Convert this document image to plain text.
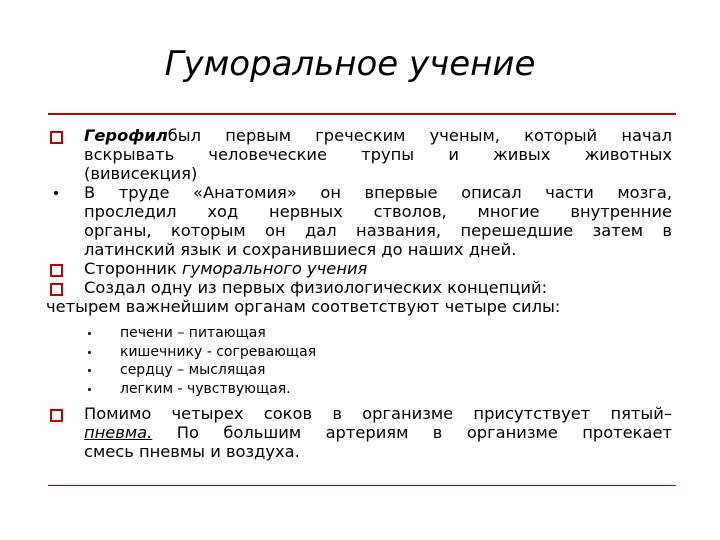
Гуморальное учение
Герофилбыл первым греческим ученым, который начал
вскрывать человеческие трупы и живых животных
(вивисекция)
В труде «Анатомия» он впервые описал части мозга,
проследил ход нервных стволов, многие внутренние
органы, которым он дал названия, перешедшие затем в
латинский язык и сохранившиеся до наших дней.
Сторонник гуморального учения
Создал одну из первых физиологических концепций:
четырем важнейшим органам соответствуют четыре силы:
печени – питающая
кишечнику - согревающая
сердцу – мыслящая
легким - чувствующая.
Помимо четырех соков в организме присутствует пятый–
пневма. По большим артериям в организме протекает
смесь пневмы и воздуха.
